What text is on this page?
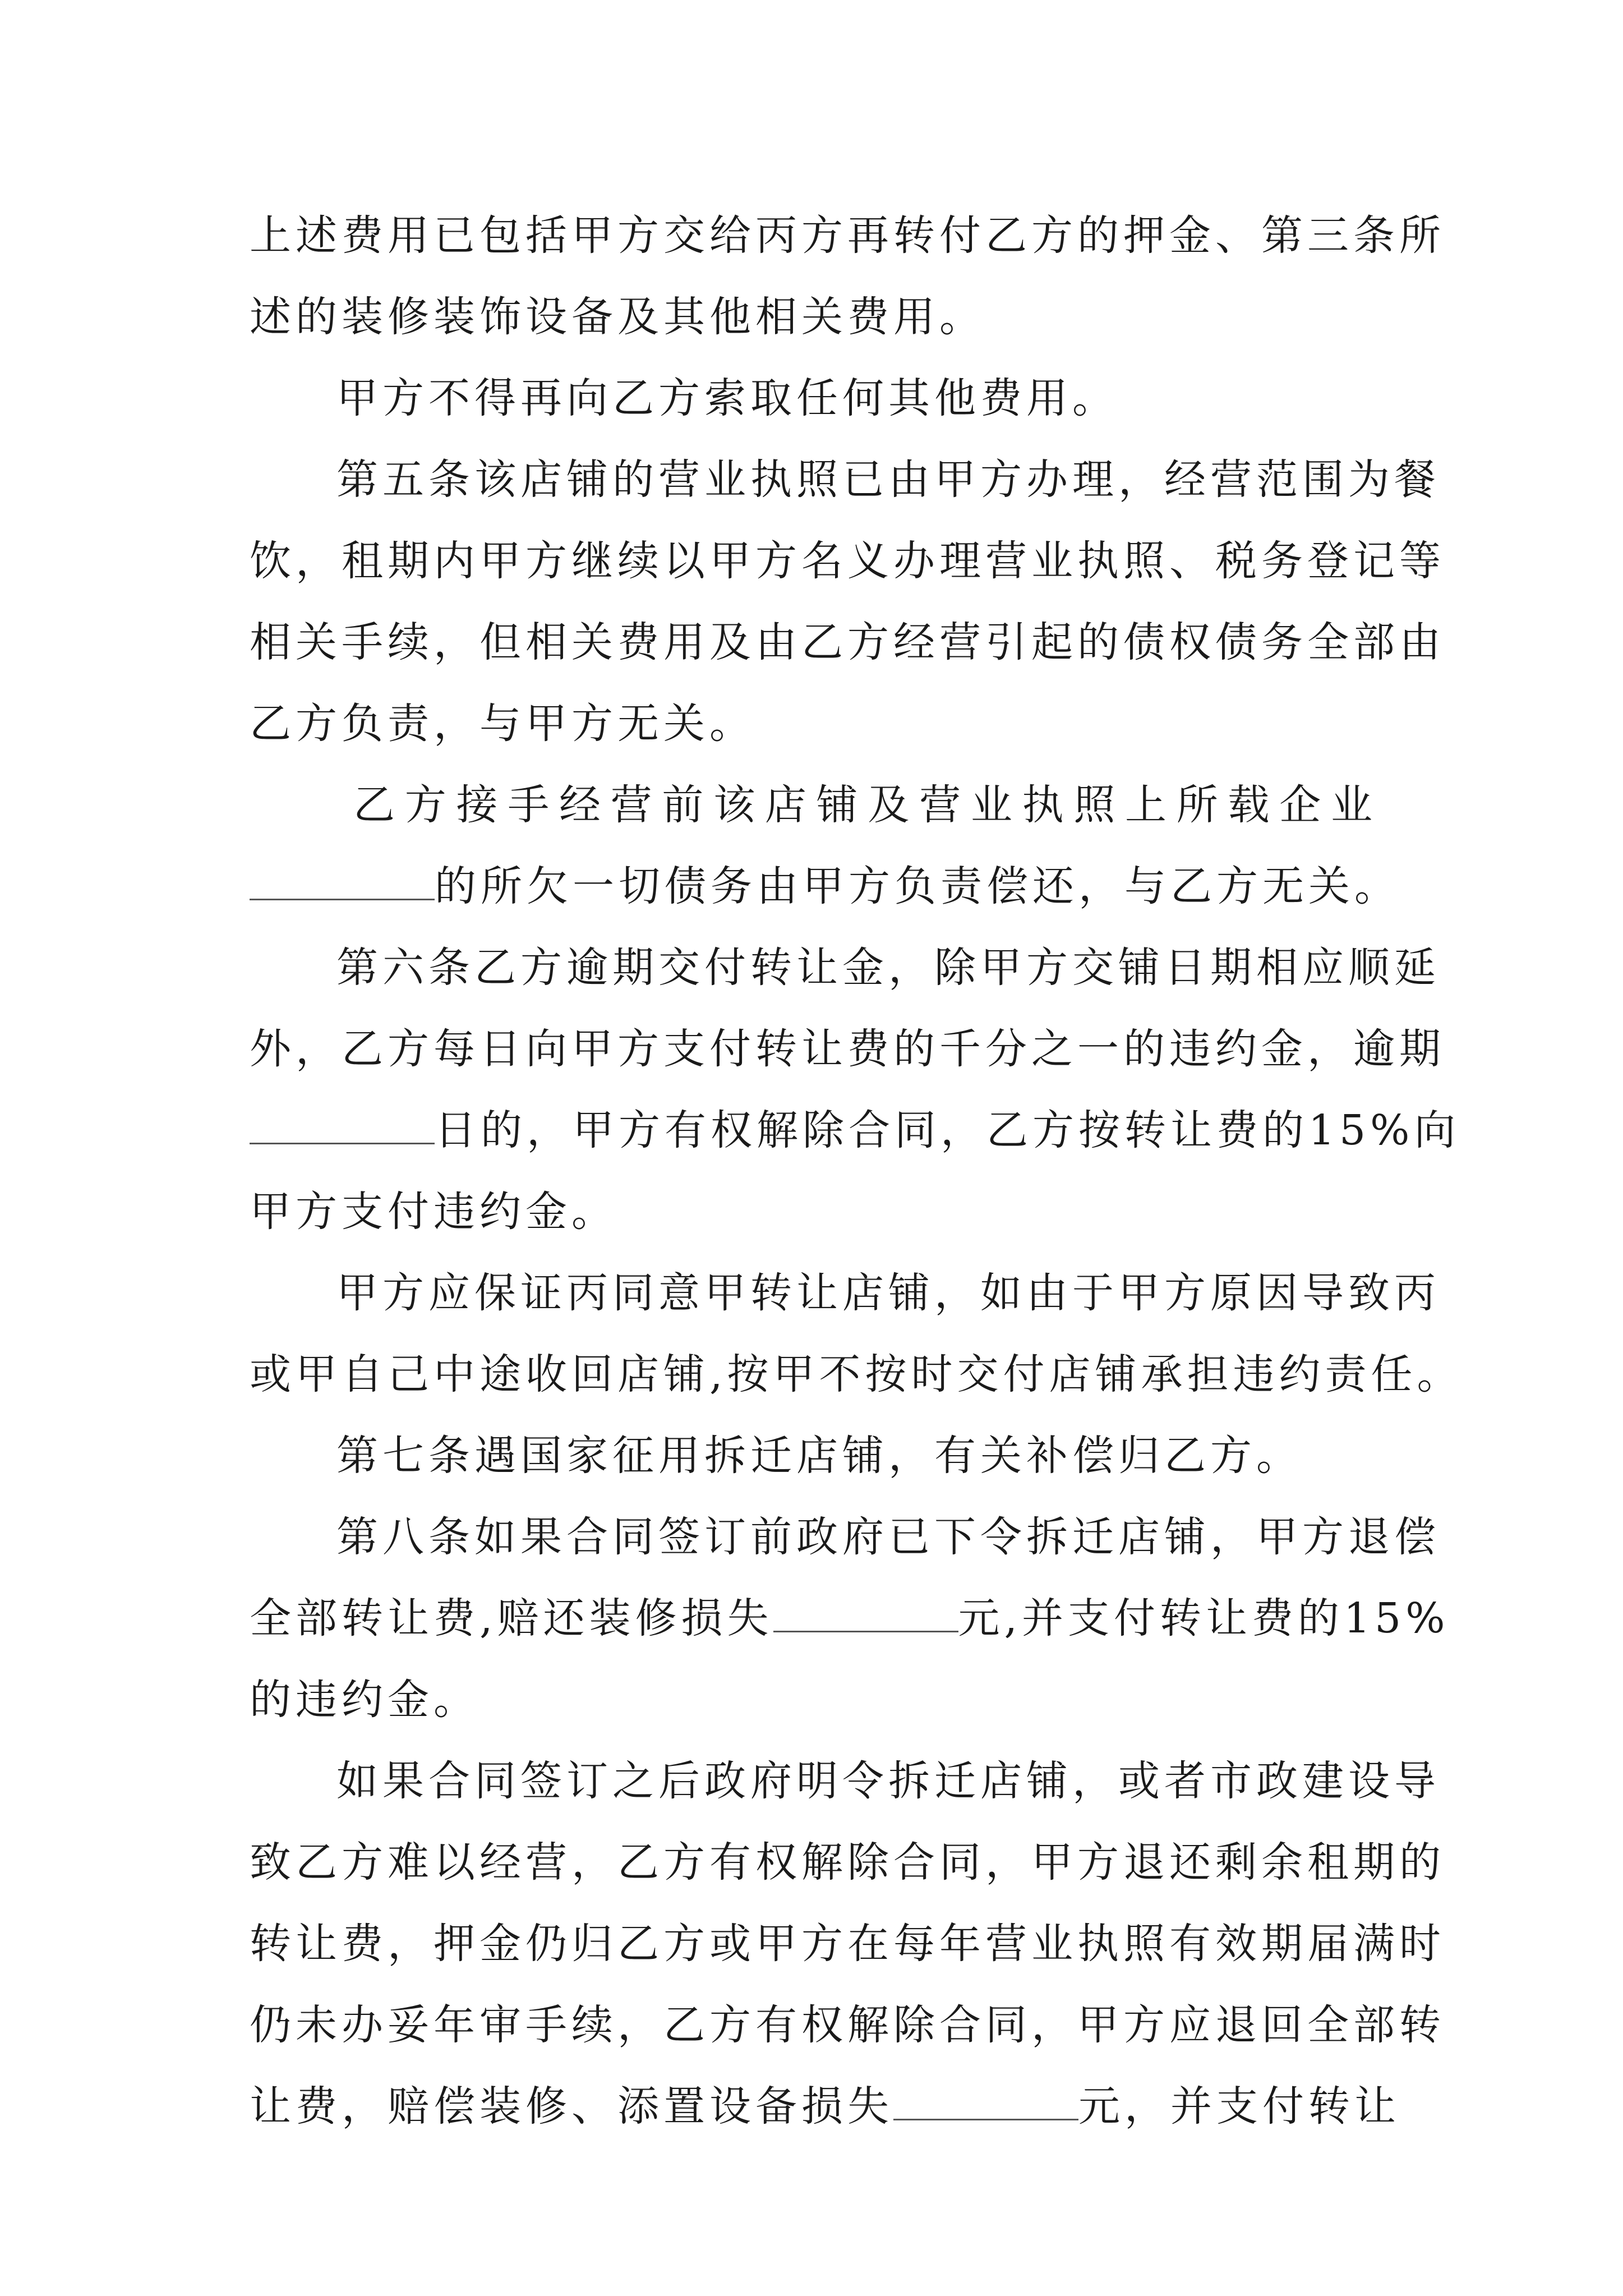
上述费用已包括甲方交给丙方再转付乙方的押金、第三条所
述的装修装饰设备及其他相关费用。
甲方不得再向乙方索取任何其他费用。
第五条该店铺的营业执照已由甲方办理，经营范围为餐
饮，租期内甲方继续以甲方名义办理营业执照、税务登记等
相关手续，但相关费用及由乙方经营引起的债权债务全部由
乙方负责，与甲方无关。
乙方接手经营前该店铺及营业执照上所载企业
的所欠一切债务由甲方负责偿还，与乙方无关。
第六条乙方逾期交付转让金，除甲方交铺日期相应顺延
外，乙方每日向甲方支付转让费的千分之一的违约金，逾期
日的，甲方有权解除合同，乙方按转让费的15%向
甲方支付违约金。
甲方应保证丙同意甲转让店铺，如由于甲方原因导致丙
或甲自己中途收回店铺,按甲不按时交付店铺承担违约责任。
第七条遇国家征用拆迁店铺，有关补偿归乙方。
第八条如果合同签订前政府已下令拆迁店铺，甲方退偿
全部转让费,赔还装修损失	元,并支付转让费的15%
的违约金。
如果合同签订之后政府明令拆迁店铺，或者市政建设导
致乙方难以经营，乙方有权解除合同，甲方退还剩余租期的
转让费，押金仍归乙方或甲方在每年营业执照有效期届满时
仍未办妥年审手续，乙方有权解除合同，甲方应退回全部转
让费，赔偿装修、添置设备损失	元，并支付转让
